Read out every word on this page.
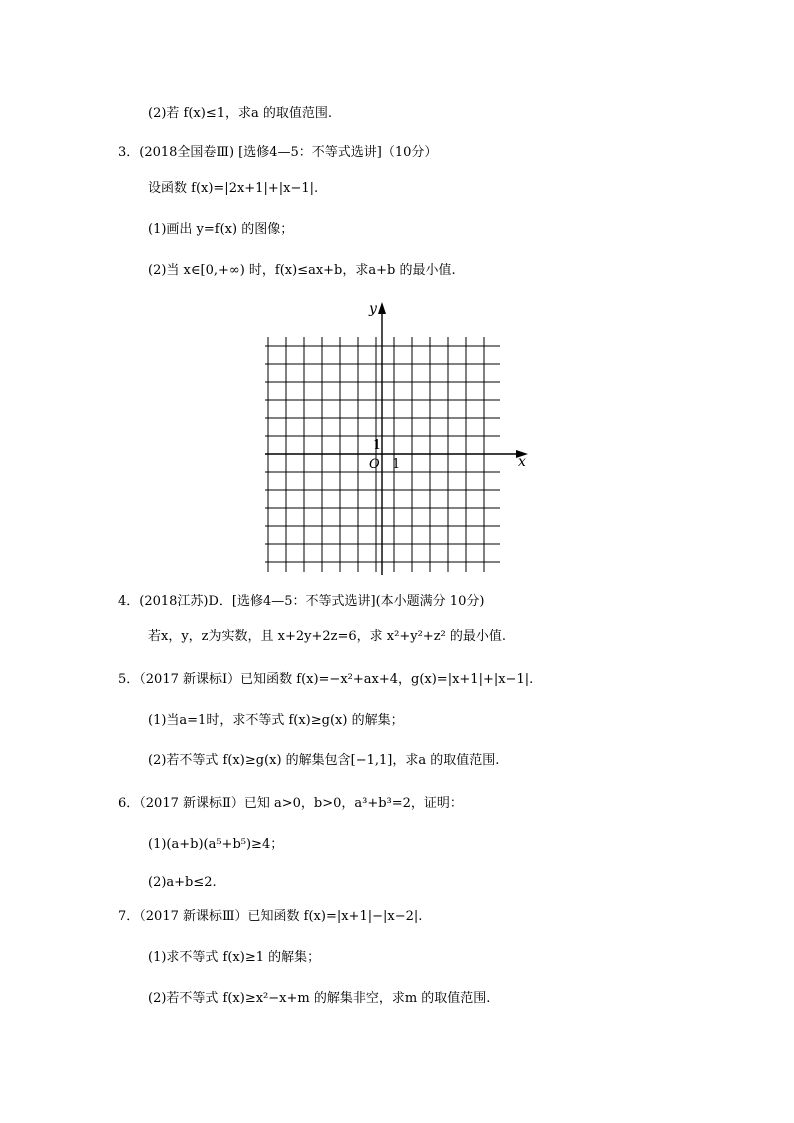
(2)若 f(x)≤1，求a 的取值范围.
3．(2018全国卷Ⅲ) [选修4—5：不等式选讲]（10分）
设函数 f(x)=|2x+1|+|x−1|.
(1)画出 y=f(x) 的图像；
(2)当 x∈[0,+∞) 时，f(x)≤ax+b，求a+b 的最小值.
y
x
O 1
1
4．(2018江苏)D．[选修4—5：不等式选讲](本小题满分 10分)
若x，y，z为实数，且 x+2y+2z=6，求 x²+y²+z² 的最小值.
5．（2017 新课标Ⅰ）已知函数 f(x)=−x²+ax+4，g(x)=|x+1|+|x−1|.
(1)当a=1时，求不等式 f(x)≥g(x) 的解集；
(2)若不等式 f(x)≥g(x) 的解集包含[−1,1]，求a 的取值范围.
6．（2017 新课标Ⅱ）已知 a>0，b>0，a³+b³=2，证明：
(1)(a+b)(a⁵+b⁵)≥4；
(2)a+b≤2.
7．（2017 新课标Ⅲ）已知函数 f(x)=|x+1|−|x−2|.
(1)求不等式 f(x)≥1 的解集；
(2)若不等式 f(x)≥x²−x+m 的解集非空，求m 的取值范围.
